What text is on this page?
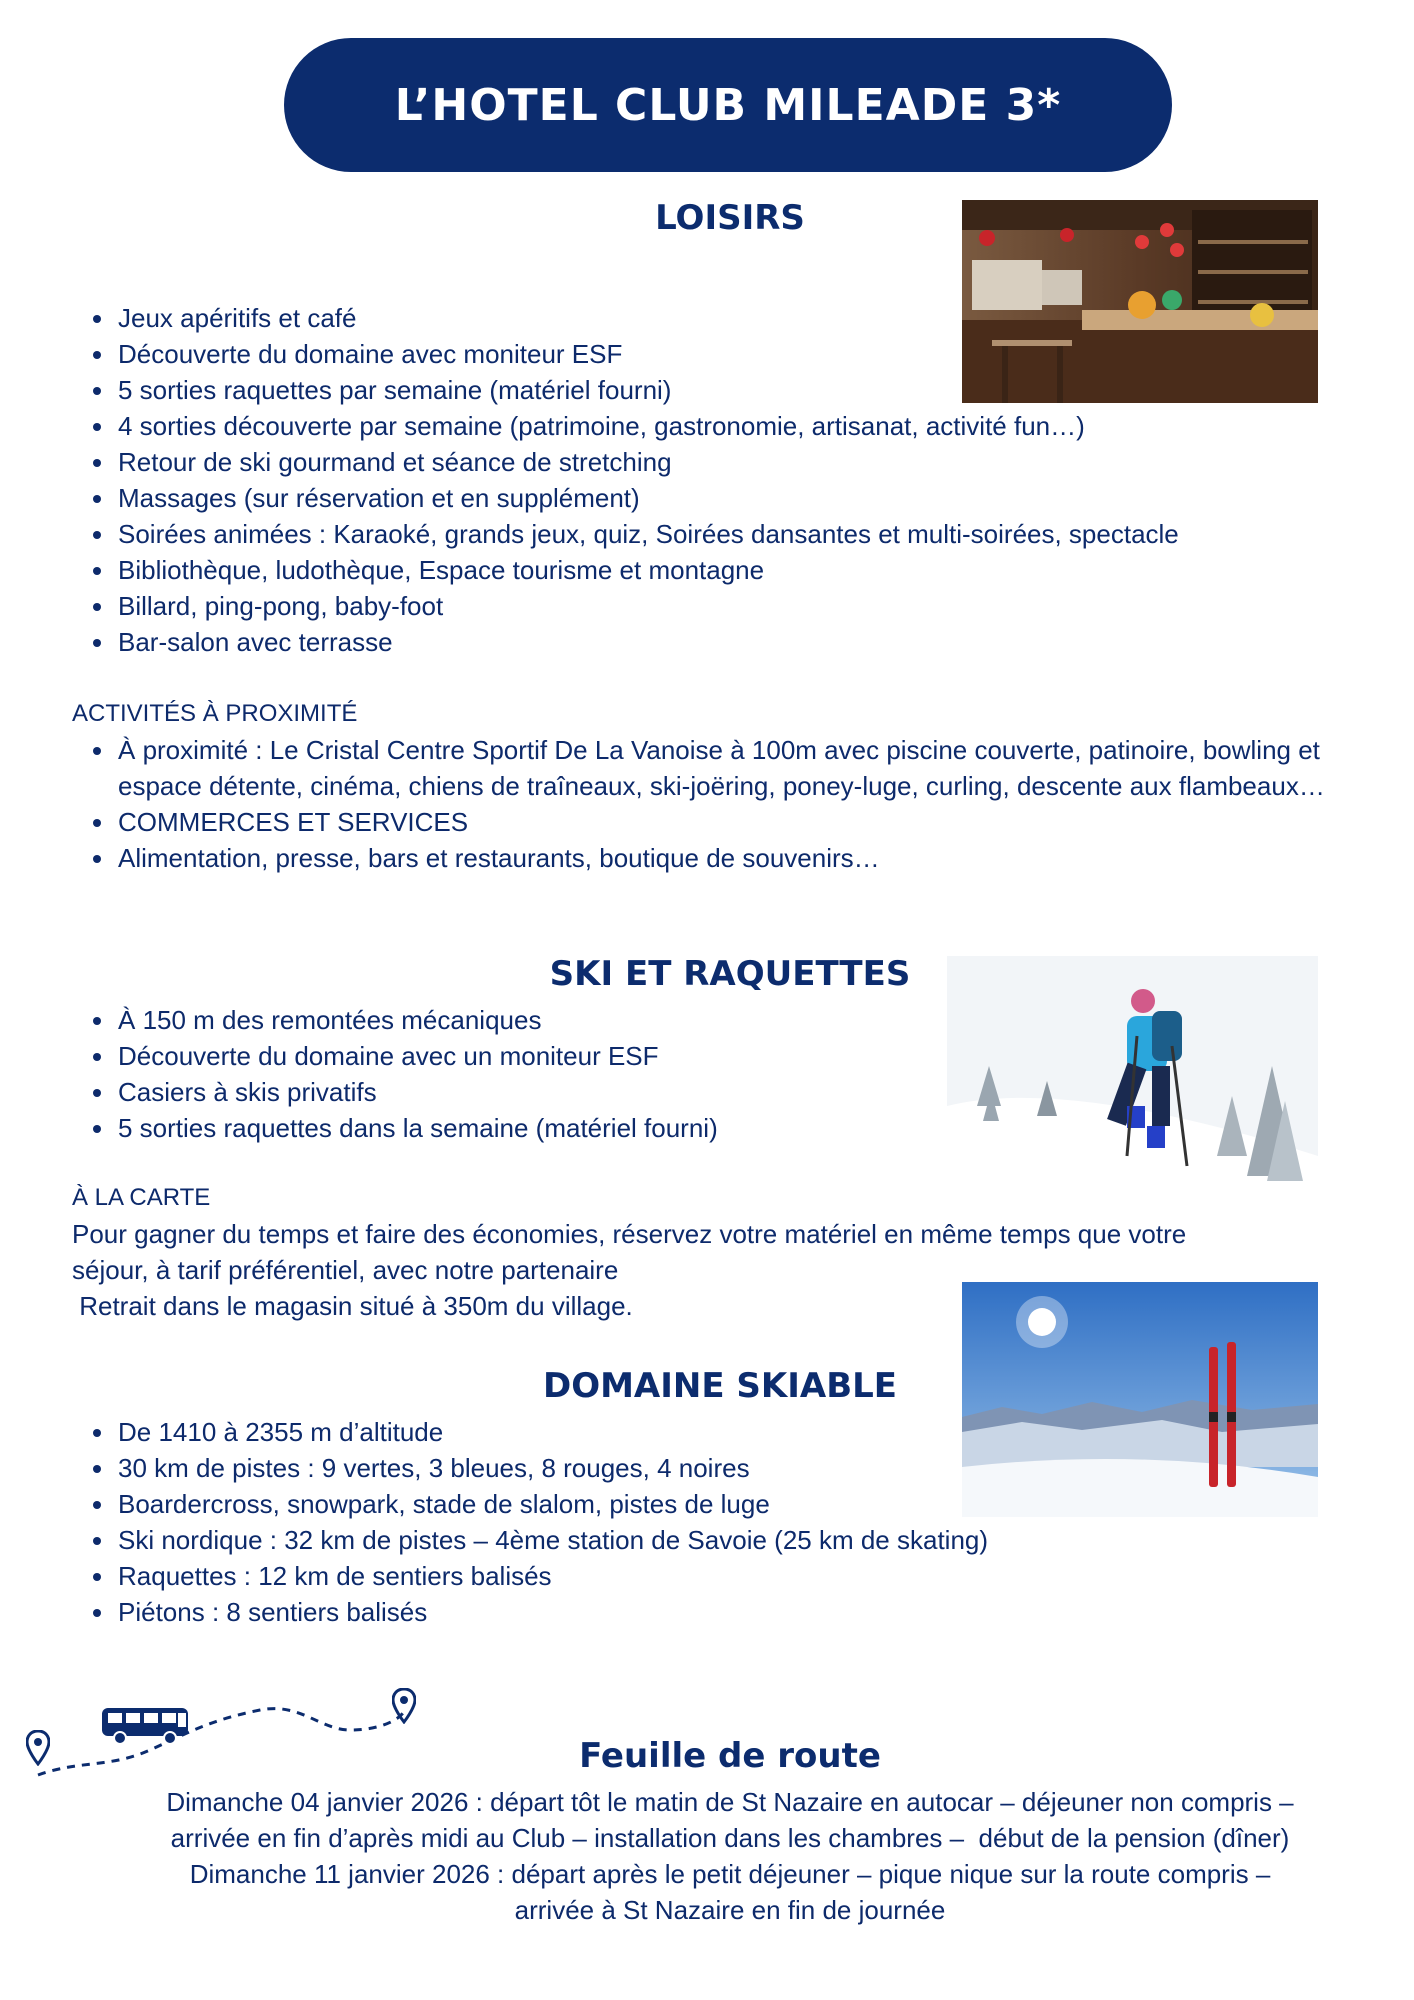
L’HOTEL CLUB MILEADE 3*
LOISIRS
• Jeux apéritifs et café
• Découverte du domaine avec moniteur ESF
• 5 sorties raquettes par semaine (matériel fourni)
• 4 sorties découverte par semaine (patrimoine, gastronomie, artisanat, activité fun…)
• Retour de ski gourmand et séance de stretching
• Massages (sur réservation et en supplément)
• Soirées animées : Karaoké, grands jeux, quiz, Soirées dansantes et multi-soirées, spectacle
• Bibliothèque, ludothèque, Espace tourisme et montagne
• Billard, ping-pong, baby-foot
• Bar-salon avec terrasse

ACTIVITÉS À PROXIMITÉ

• À proximité : Le Cristal Centre Sportif De La Vanoise à 100m avec piscine couverte, patinoire, bowling et espace détente, cinéma, chiens de traîneaux, ski-joëring, poney-luge, curling, descente aux flambeaux…
• COMMERCES ET SERVICES
• Alimentation, presse, bars et restaurants, boutique de souvenirs…
SKI ET RAQUETTES
• À 150 m des remontées mécaniques
• Découverte du domaine avec un moniteur ESF
• Casiers à skis privatifs
• 5 sorties raquettes dans la semaine (matériel fourni)

À LA CARTE

Pour gagner du temps et faire des économies, réservez votre matériel en même temps que votre
séjour, à tarif préférentiel, avec notre partenaire
Retrait dans le magasin situé à 350m du village.
DOMAINE SKIABLE
• De 1410 à 2355 m d’altitude
• 30 km de pistes : 9 vertes, 3 bleues, 8 rouges, 4 noires
• Boardercross, snowpark, stade de slalom, pistes de luge
• Ski nordique : 32 km de pistes – 4ème station de Savoie (25 km de skating)
• Raquettes : 12 km de sentiers balisés
• Piétons : 8 sentiers balisés
Feuille de route
Dimanche 04 janvier 2026 : départ tôt le matin de St Nazaire en autocar – déjeuner non compris –
arrivée en fin d’après midi au Club – installation dans les chambres –  début de la pension (dîner)
Dimanche 11 janvier 2026 : départ après le petit déjeuner – pique nique sur la route compris –
arrivée à St Nazaire en fin de journée
